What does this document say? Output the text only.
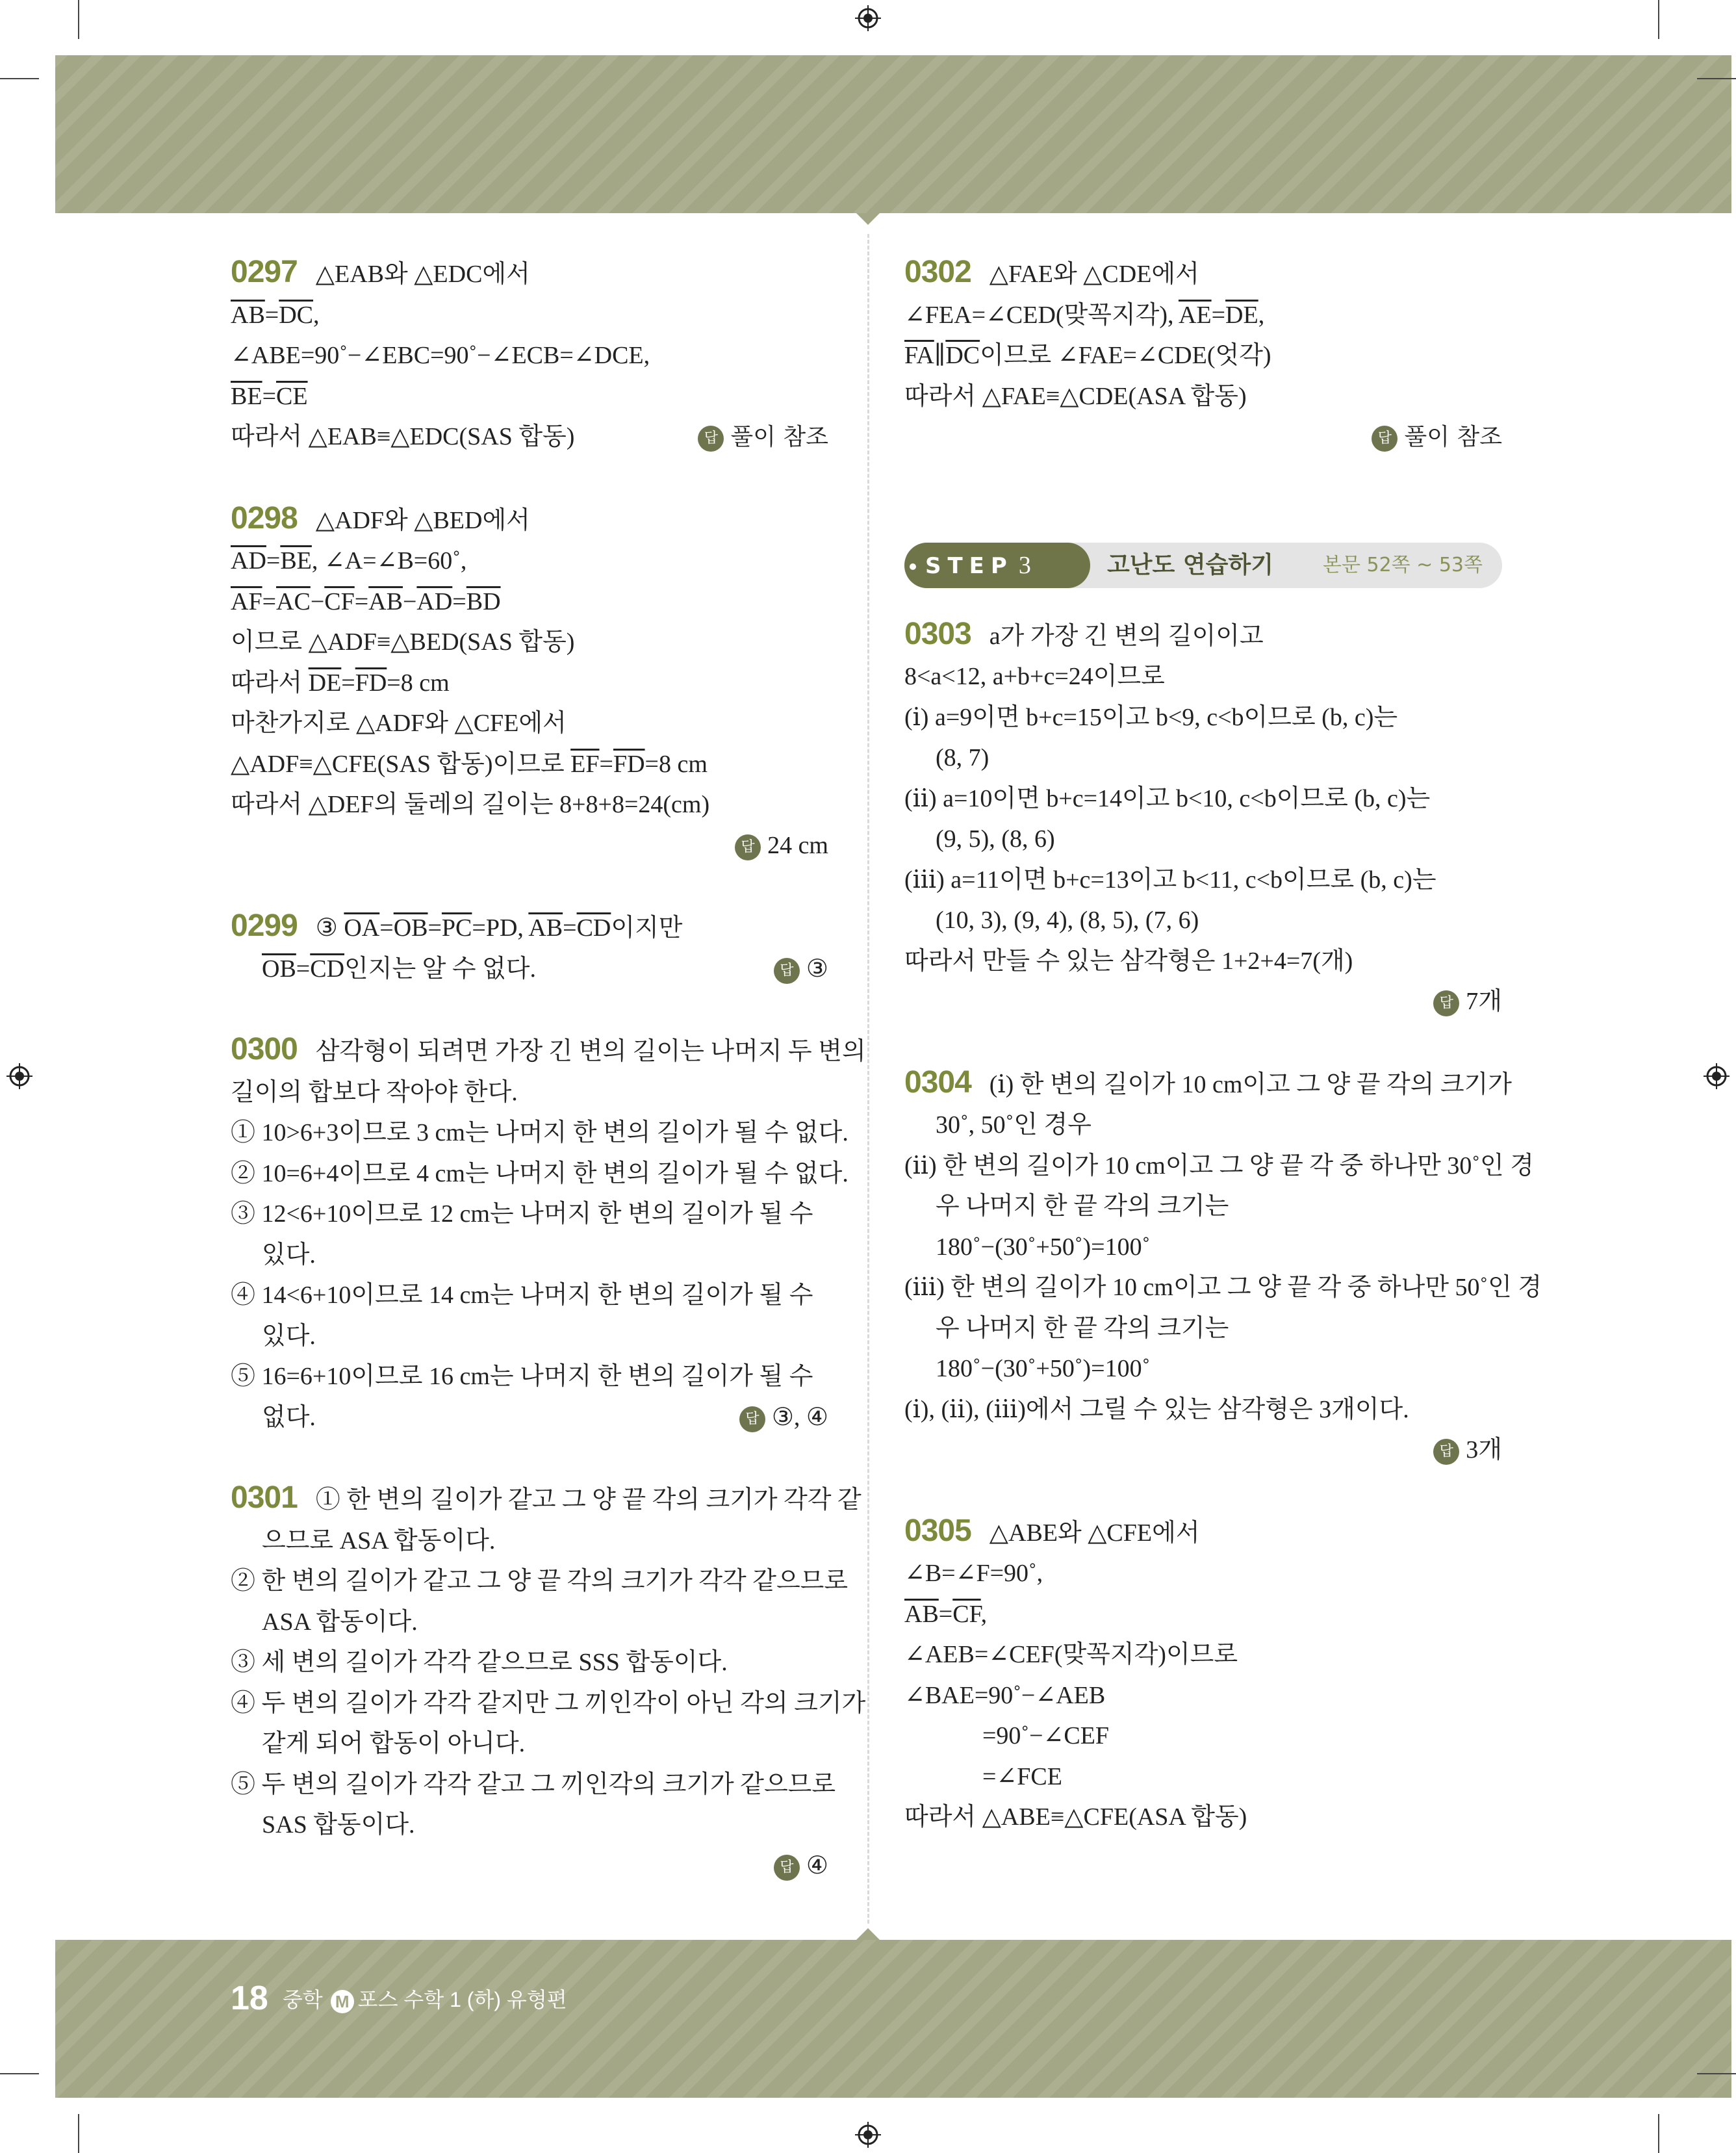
0297 △EAB와 △EDC에서
$\overline{AB}=\overline{DC}$,
∠ABE=90˚−∠EBC=90˚−∠ECB=∠DCE,
$\overline{BE}=\overline{CE}$
따라서 △EAB≡△EDC(SAS 합동)	답 풀이 참조
0298 △ADF와 △BED에서
$\overline{AD}=\overline{BE}$, ∠A=∠B=60˚,
$\overline{AF}=\overline{AC}-\overline{CF}=\overline{AB}-\overline{AD}=\overline{BD}$
이므로 △ADF≡△BED(SAS 합동)
따라서 $\overline{DE}=\overline{FD}=8$ cm
마찬가지로 △ADF와 △CFE에서
△ADF≡△CFE(SAS 합동)이므로 $\overline{EF}=\overline{FD}=8$ cm
따라서 △DEF의 둘레의 길이는 8+8+8=24(cm)
답 24 cm
0299 ③ $\overline{OA}=\overline{OB}=\overline{PC}=PD$, $\overline{AB}=\overline{CD}$이지만
$\overline{OB}=\overline{CD}$인지는 알 수 없다.	답 ③
0300 삼각형이 되려면 가장 긴 변의 길이는 나머지 두 변의
길이의 합보다 작아야 한다.
① 10>6+3이므로 3 cm는 나머지 한 변의 길이가 될 수 없다.
② 10=6+4이므로 4 cm는 나머지 한 변의 길이가 될 수 없다.
③ 12<6+10이므로 12 cm는 나머지 한 변의 길이가 될 수
있다.
④ 14<6+10이므로 14 cm는 나머지 한 변의 길이가 될 수
있다.
⑤ 16=6+10이므로 16 cm는 나머지 한 변의 길이가 될 수
없다.	답 ③, ④
0301 ① 한 변의 길이가 같고 그 양 끝 각의 크기가 각각 같
으므로 ASA 합동이다.
② 한 변의 길이가 같고 그 양 끝 각의 크기가 각각 같으므로
ASA 합동이다.
③ 세 변의 길이가 각각 같으므로 SSS 합동이다.
④ 두 변의 길이가 각각 같지만 그 끼인각이 아닌 각의 크기가
같게 되어 합동이 아니다.
⑤ 두 변의 길이가 각각 같고 그 끼인각의 크기가 같으므로
SAS 합동이다.
답 ④
0302 △FAE와 △CDE에서
∠FEA=∠CED(맞꼭지각), $\overline{AE}=\overline{DE}$,
$\overline{FA}\parallel\overline{DC}$이므로 ∠FAE=∠CDE(엇각)
따라서 △FAE≡△CDE(ASA 합동)
답 풀이 참조
STEP 3	고난도 연습하기	본문 52쪽 ~ 53쪽
0303 a가 가장 긴 변의 길이이고
8<a<12, a+b+c=24이므로
(ⅰ) a=9이면 b+c=15이고 b<9, c<b이므로 (b, c)는
(8, 7)
(ⅱ) a=10이면 b+c=14이고 b<10, c<b이므로 (b, c)는
(9, 5), (8, 6)
(ⅲ) a=11이면 b+c=13이고 b<11, c<b이므로 (b, c)는
(10, 3), (9, 4), (8, 5), (7, 6)
따라서 만들 수 있는 삼각형은 1+2+4=7(개)
답 7개
0304 (ⅰ) 한 변의 길이가 10 cm이고 그 양 끝 각의 크기가
30˚, 50˚인 경우
(ⅱ) 한 변의 길이가 10 cm이고 그 양 끝 각 중 하나만 30˚인 경
우 나머지 한 끝 각의 크기는
180˚−(30˚+50˚)=100˚
(ⅲ) 한 변의 길이가 10 cm이고 그 양 끝 각 중 하나만 50˚인 경
우 나머지 한 끝 각의 크기는
180˚−(30˚+50˚)=100˚
(ⅰ), (ⅱ), (ⅲ)에서 그릴 수 있는 삼각형은 3개이다.
답 3개
0305 △ABE와 △CFE에서
∠B=∠F=90˚,
$\overline{AB}=\overline{CF}$,
∠AEB=∠CEF(맞꼭지각)이므로
∠BAE=90˚−∠AEB
=90˚−∠CEF
=∠FCE
따라서 △ABE≡△CFE(ASA 합동)
18 중학 M 포스 수학 1 (하) 유형편
